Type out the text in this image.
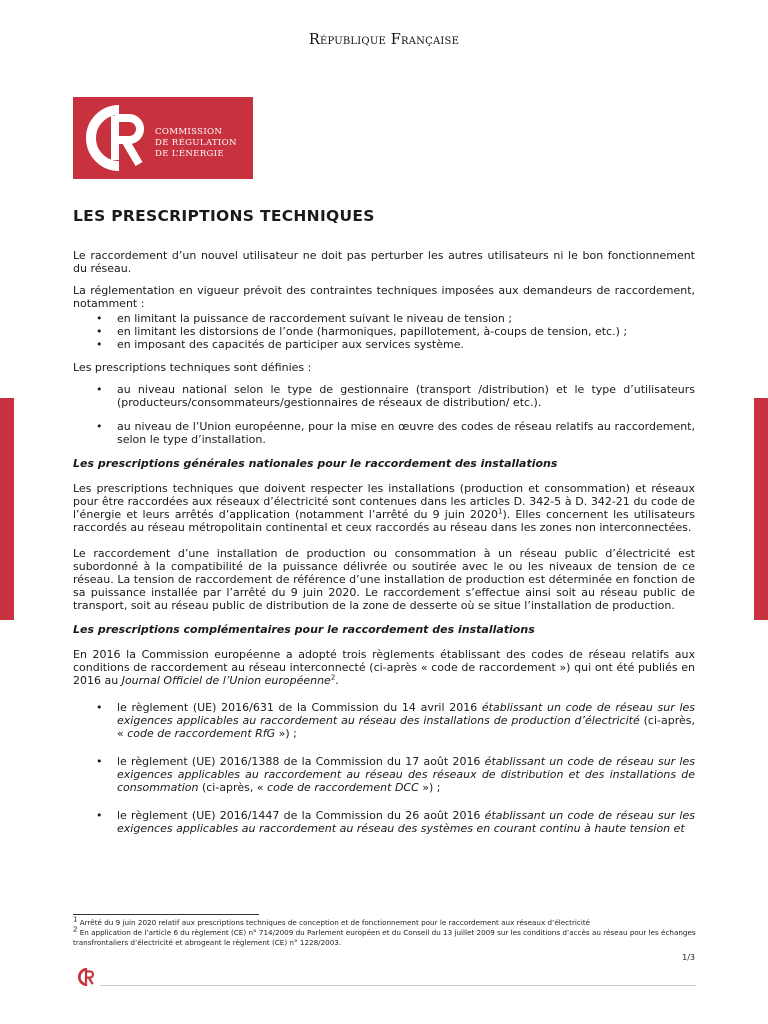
République Française
COMMISSION
DE RÉGULATION
DE L’ÉNERGIE
LES PRESCRIPTIONS TECHNIQUES

Le raccordement d’un nouvel utilisateur ne doit pas perturber les autres utilisateurs ni le bon fonctionnement du réseau.

La réglementation en vigueur prévoit des contraintes techniques imposées aux demandeurs de raccordement, notamment :

• en limitant la puissance de raccordement suivant le niveau de tension ;
• en limitant les distorsions de l’onde (harmoniques, papillotement, à-coups de tension, etc.) ;
• en imposant des capacités de participer aux services système.

Les prescriptions techniques sont définies :

• au niveau national selon le type de gestionnaire (transport /distribution) et le type d’utilisateurs (producteurs/consommateurs/gestionnaires de réseaux de distribution/ etc.).
• au niveau de l’Union européenne, pour la mise en œuvre des codes de réseau relatifs au raccordement, selon le type d’installation.
Les prescriptions générales nationales pour le raccordement des installations

Les prescriptions techniques que doivent respecter les installations (production et consommation) et réseaux pour être raccordées aux réseaux d’électricité sont contenues dans les articles D. 342-5 à D. 342-21 du code de l’énergie et leurs arrêtés d’application (notamment l’arrêté du 9 juin 2020$^1$). Elles concernent les utilisateurs raccordés au réseau métropolitain continental et ceux raccordés au réseau dans les zones non interconnectées.

Le raccordement d’une installation de production ou consommation à un réseau public d’électricité est subordonné à la compatibilité de la puissance délivrée ou soutirée avec le ou les niveaux de tension de ce réseau. La tension de raccordement de référence d’une installation de production est déterminée en fonction de sa puissance installée par l’arrêté du 9 juin 2020. Le raccordement s’effectue ainsi soit au réseau public de transport, soit au réseau public de distribution de la zone de desserte où se situe l’installation de production.

Les prescriptions complémentaires pour le raccordement des installations

En 2016 la Commission européenne a adopté trois règlements établissant des codes de réseau relatifs aux conditions de raccordement au réseau interconnecté (ci-après « code de raccordement ») qui ont été publiés en 2016 au Journal Officiel de l’Union européenne$^2$.

• le règlement (UE) 2016/631 de la Commission du 14 avril 2016 établissant un code de réseau sur les exigences applicables au raccordement au réseau des installations de production d’électricité (ci-après, « code de raccordement RfG ») ;
• le règlement (UE) 2016/1388 de la Commission du 17 août 2016 établissant un code de réseau sur les exigences applicables au raccordement au réseau des réseaux de distribution et des installations de consommation (ci-après, « code de raccordement DCC ») ;
• le règlement (UE) 2016/1447 de la Commission du 26 août 2016 établissant un code de réseau sur les exigences applicables au raccordement au réseau des systèmes en courant continu à haute tension et
$^1$ Arrêté du 9 juin 2020 relatif aux prescriptions techniques de conception et de fonctionnement pour le raccordement aux réseaux d’électricité
$^2$ En application de l’article 6 du règlement (CE) n° 714/2009 du Parlement européen et du Conseil du 13 juillet 2009 sur les conditions d’accès au réseau pour les échanges transfrontaliers d’électricité et abrogeant le règlement (CE) n° 1228/2003.
1/3
